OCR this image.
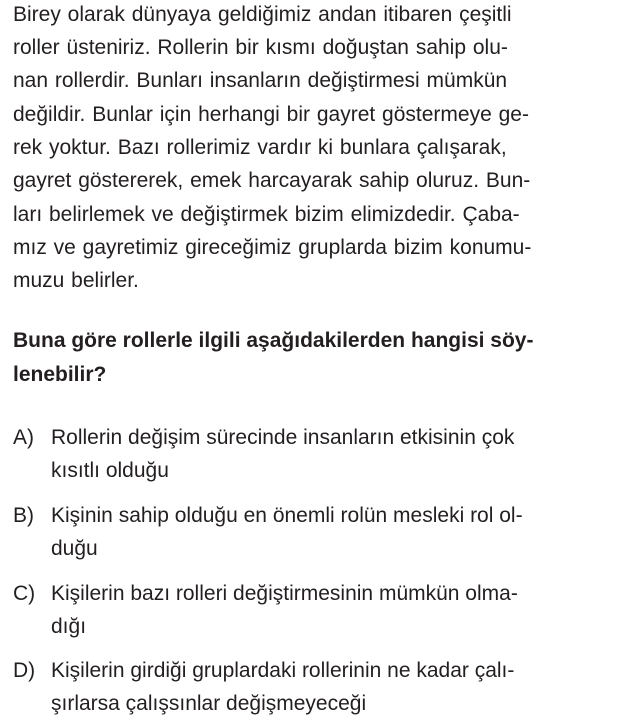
Birey olarak dünyaya geldiğimiz andan itibaren çeşitli
roller üsteniriz. Rollerin bir kısmı doğuştan sahip olu-
nan rollerdir. Bunları insanların değiştirmesi mümkün
değildir. Bunlar için herhangi bir gayret göstermeye ge-
rek yoktur. Bazı rollerimiz vardır ki bunlara çalışarak,
gayret göstererek, emek harcayarak sahip oluruz. Bun-
ları belirlemek ve değiştirmek bizim elimizdedir. Çaba-
mız ve gayretimiz gireceğimiz gruplarda bizim konumu-
muzu belirler.
Buna göre rollerle ilgili aşağıdakilerden hangisi söy-
lenebilir?
A) Rollerin değişim sürecinde insanların etkisinin çok
kısıtlı olduğu
B) Kişinin sahip olduğu en önemli rolün mesleki rol ol-
duğu
C) Kişilerin bazı rolleri değiştirmesinin mümkün olma-
dığı
D) Kişilerin girdiği gruplardaki rollerinin ne kadar çalı-
şırlarsa çalışsınlar değişmeyeceği
